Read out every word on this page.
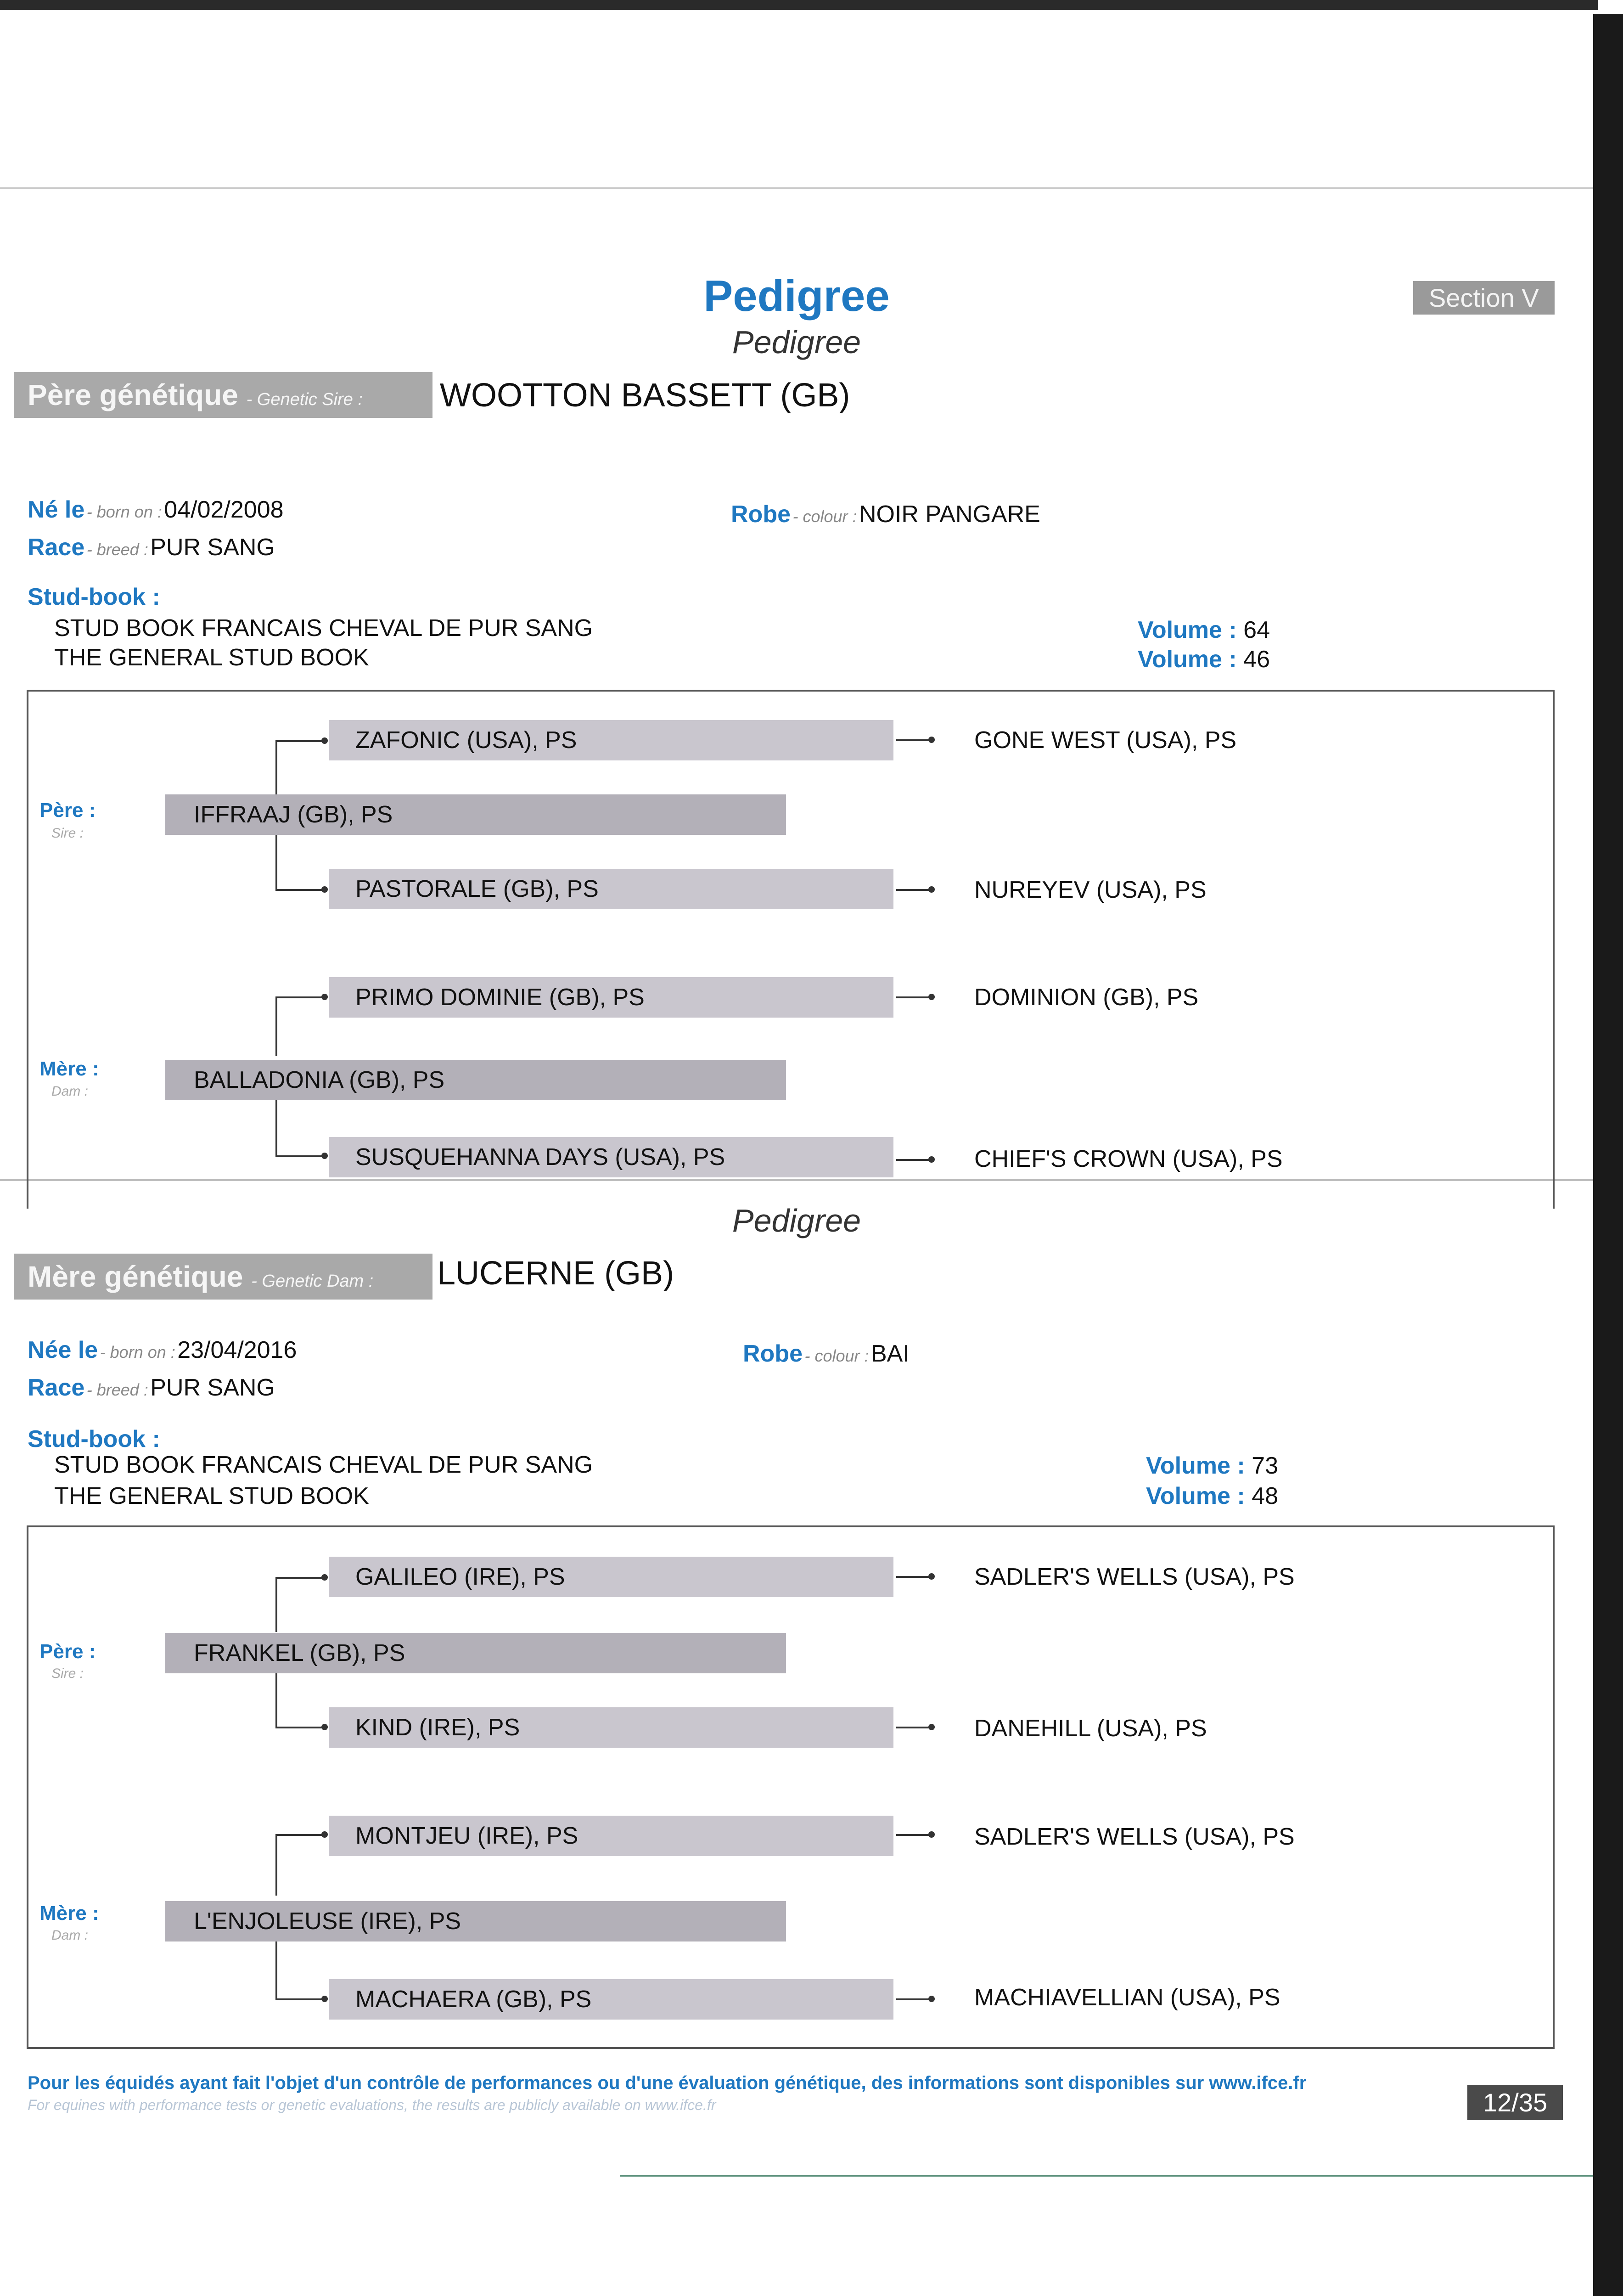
Pedigree
Pedigree
Section V
Père génétique - Genetic Sire :	WOOTTON BASSETT (GB)
Né le - born on : 04/02/2008
Race - breed : PUR SANG
Robe - colour : NOIR PANGARE
Stud-book :
STUD BOOK FRANCAIS CHEVAL DE PUR SANG
THE GENERAL STUD BOOK
Volume : 64
Volume : 46
Père :
Sire :
Mère :
Dam :
ZAFONIC (USA), PS
IFFRAAJ (GB), PS
PASTORALE (GB), PS
PRIMO DOMINIE (GB), PS
BALLADONIA (GB), PS
SUSQUEHANNA DAYS (USA), PS
GONE WEST (USA), PS
NUREYEV (USA), PS
DOMINION (GB), PS
CHIEF'S CROWN (USA), PS
Pedigree
Mère génétique - Genetic Dam :	LUCERNE (GB)
Née le - born on : 23/04/2016
Race - breed : PUR SANG
Robe - colour : BAI
Stud-book :
STUD BOOK FRANCAIS CHEVAL DE PUR SANG
THE GENERAL STUD BOOK
Volume : 73
Volume : 48
Père :
Sire :
Mère :
Dam :
GALILEO (IRE), PS
FRANKEL (GB), PS
KIND (IRE), PS
MONTJEU (IRE), PS
L'ENJOLEUSE (IRE), PS
MACHAERA (GB), PS
SADLER'S WELLS (USA), PS
DANEHILL (USA), PS
SADLER'S WELLS (USA), PS
MACHIAVELLIAN (USA), PS
Pour les équidés ayant fait l'objet d'un contrôle de performances ou d'une évaluation génétique, des informations sont disponibles sur www.ifce.fr
For equines with performance tests or genetic evaluations, the results are publicly available on www.ifce.fr	12/35
